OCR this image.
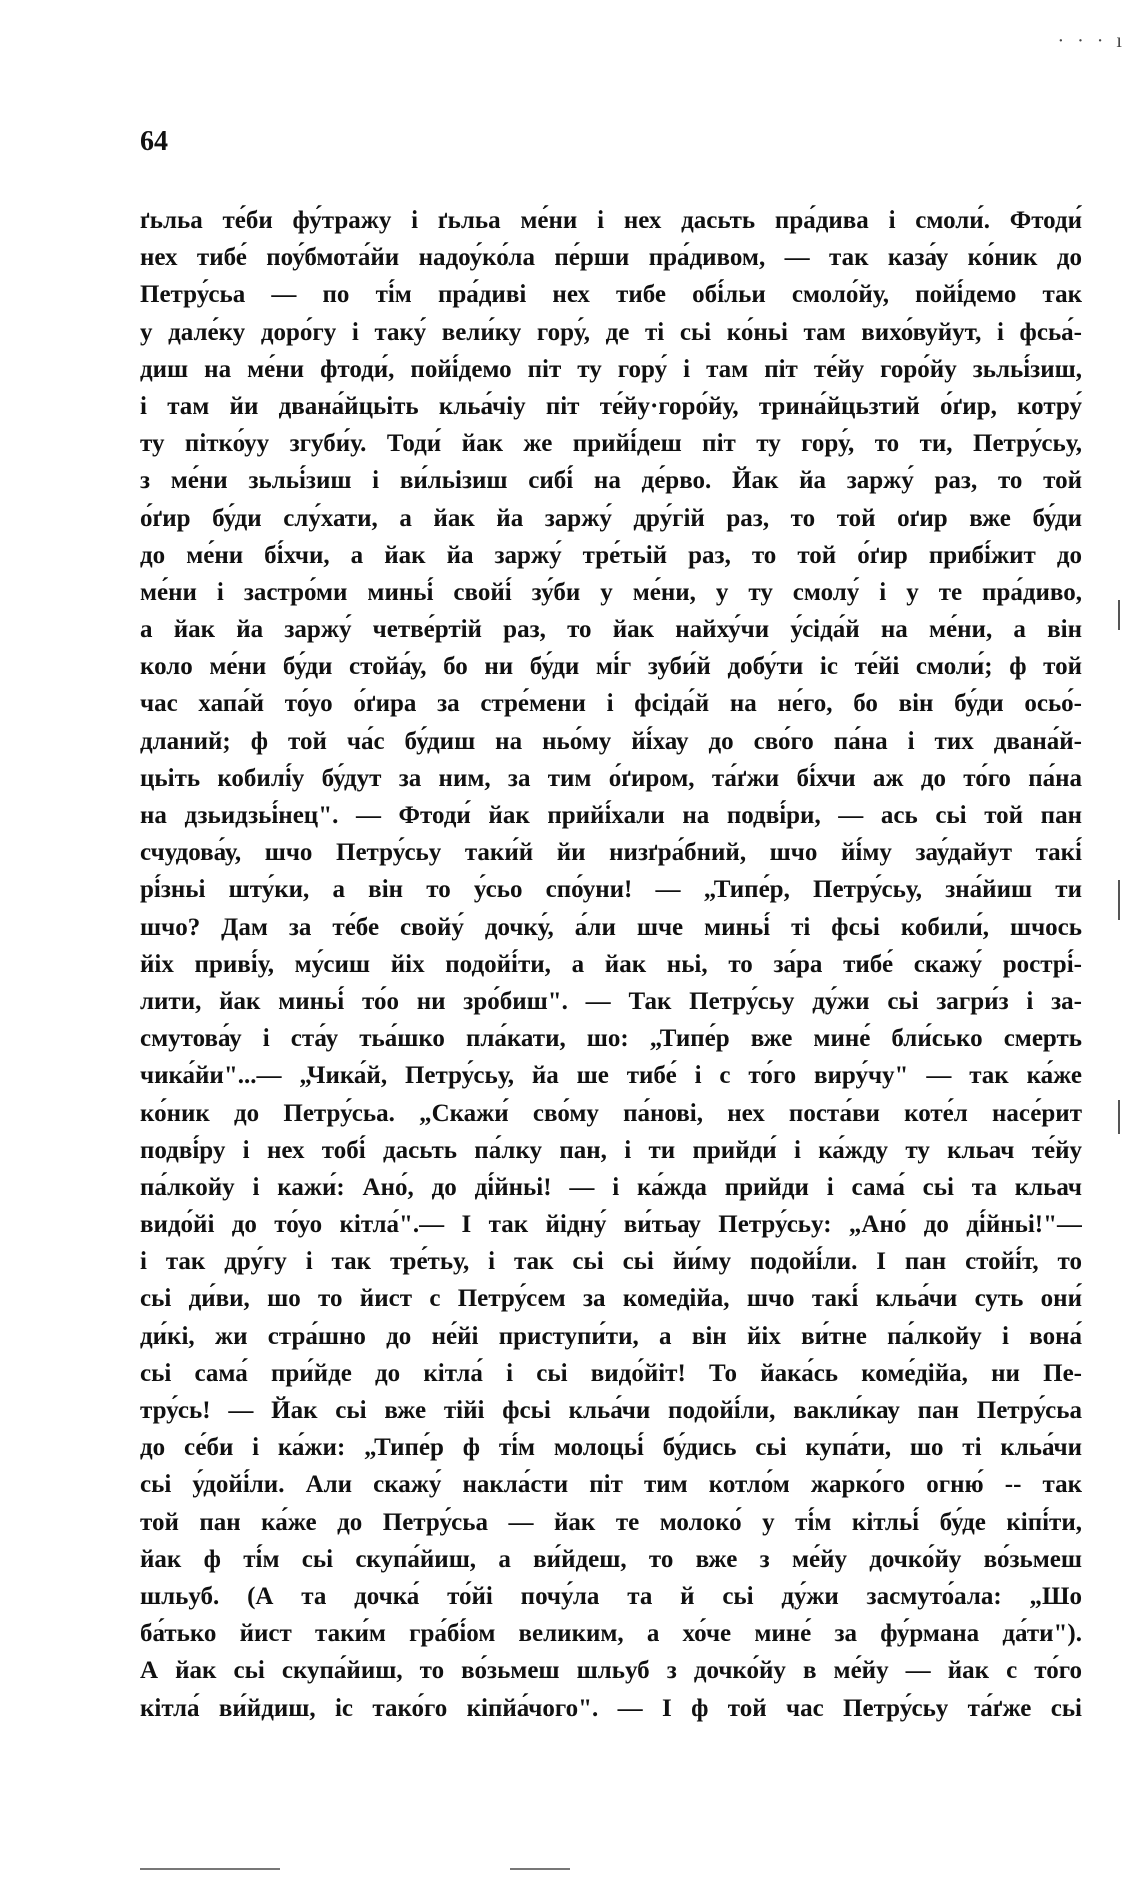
· · · ı
64
ґьльа те́би фу́тражу і ґьльа ме́ни і нех дасьть пра́дива і смоли́. Фтоди́
нех тибе́ поу́бмота́йи надоу́ко́ла пе́рши пра́дивом, — так каза́у ко́ник до
Петру́сьа — по ті́м пра́диві нех тибе обі́льи смоло́йу, пойі́демо так
у дале́ку доро́гу і таку́ вели́ку гору́, де ті сьі ко́ньі там вихо́вуйут, і фсьа́-
диш на ме́ни фтоди́, пойі́демо піт ту гору́ і там піт те́йу горо́йу зьльі́зиш,
і там йи двана́йцьіть кльа́чіу піт те́йу·горо́йу, трина́йцьзтий о́ґир, котру́
ту пітко́уу згуби́у. Тоди́ йак же прийі́деш піт ту гору́, то ти, Петру́сьу,
з ме́ни зьльі́зиш і ви́льізиш сибі́ на де́рво. Йак йа заржу́ раз, то той
о́ґир бу́ди слу́хати, а йак йа заржу́ дру́гій раз, то той оґир вже бу́ди
до ме́ни бі́хчи, а йак йа заржу́ тре́тьій раз, то той о́ґир прибі́жит до
ме́ни і застро́ми миньі́ свойі́ зу́би у ме́ни, у ту смолу́ і у те пра́диво,
а йак йа заржу́ четве́ртій раз, то йак найху́чи у́сіда́й на ме́ни, а він
коло ме́ни бу́ди стойа́у, бо ни бу́ди мі́г зуби́й добу́ти іс те́йі смоли́; ф той
час хапа́й то́уо о́ґира за стре́мени і фсіда́й на не́го, бо він бу́ди осьо́-
дланий; ф той ча́с бу́диш на ньо́му йі́хау до сво́го па́на і тих двана́й-
цьіть кобилі́у бу́дут за ним, за тим о́ґиром, та́ґжи бі́хчи аж до то́го па́на
на дзьидзьі́нец". — Фтоди́ йак прийі́хали на подві́ри, — ась сьі той пан
счудова́у, шчо Петру́сьу таки́й йи низґра́бний, шчо йі́му зау́дайут такі́
рі́зньі шту́ки, а він то у́сьо спо́уни! — „Типе́р, Петру́сьу, зна́йиш ти
шчо? Дам за те́бе свойу́ дочку́, а́ли шче миньі́ ті фсьі кобили́, шчось
йіх приві́у, му́сиш йіх подойі́ти, а йак ньі, то за́ра тибе́ скажу́ рострі́-
лити, йак миньі́ то́о ни зро́биш". — Так Петру́сьу ду́жи сьі загри́з і за-
смутова́у і ста́у тьа́шко пла́кати, шо: „Типе́р вже мине́ бли́сько смерть
чика́йи"...— „Чика́й, Петру́сьу, йа ше тибе́ і с то́го виру́чу" — так ка́же
ко́ник до Петру́сьа. „Скажи́ сво́му па́нові, нех поста́ви коте́л насе́рит
подві́ру і нех тобі́ дасьть па́лку пан, і ти прийди́ і ка́жду ту кльач те́йу
па́лкойу і кажи́: Ано́, до ді́йньі! — і ка́жда прийди і сама́ сьі та кльач
видо́йі до то́уо кітла́".— І так йідну́ ви́тьау Петру́сьу: „Ано́ до ді́йньі!"—
і так дру́гу і так тре́тьу, і так сьі сьі йи́му подойі́ли. І пан стойі́т, то
сьі ди́ви, шо то йист с Петру́сем за комедійа, шчо такі́ кльа́чи суть они́
ди́кі, жи стра́шно до не́йі приступи́ти, а він йіх ви́тне па́лкойу і вона́
сьі сама́ при́йде до кітла́ і сьі видо́йіт! То йака́сь коме́дійа, ни Пе-
тру́сь! — Йак сьі вже тійі фсьі кльа́чи подойі́ли, вакли́кау пан Петру́сьа
до се́би і ка́жи: „Типе́р ф ті́м молоцьі́ бу́дись сьі купа́ти, шо ті кльа́чи
сьі у́дойі́ли. Али скажу́ накла́сти піт тим котло́м жарко́го огню́ -- так
той пан ка́же до Петру́сьа — йак те молоко́ у ті́м кітльі́ бу́де кіпі́ти,
йак ф ті́м сьі скупа́йиш, а ви́йдеш, то вже з ме́йу дочко́йу во́зьмеш
шльуб. (А та дочка́ то́йі почу́ла та й сьі ду́жи засмуто́ала: „Шо
ба́тько йист таки́м гра́бі́ом великим, а хо́че мине́ за фу́рмана да́ти").
А йак сьі скупа́йиш, то во́зьмеш шльуб з дочко́йу в ме́йу — йак с то́го
кітла́ ви́йдиш, іс тако́го кіпйа́чого". — І ф той час Петру́сьу та́ґже сьі
